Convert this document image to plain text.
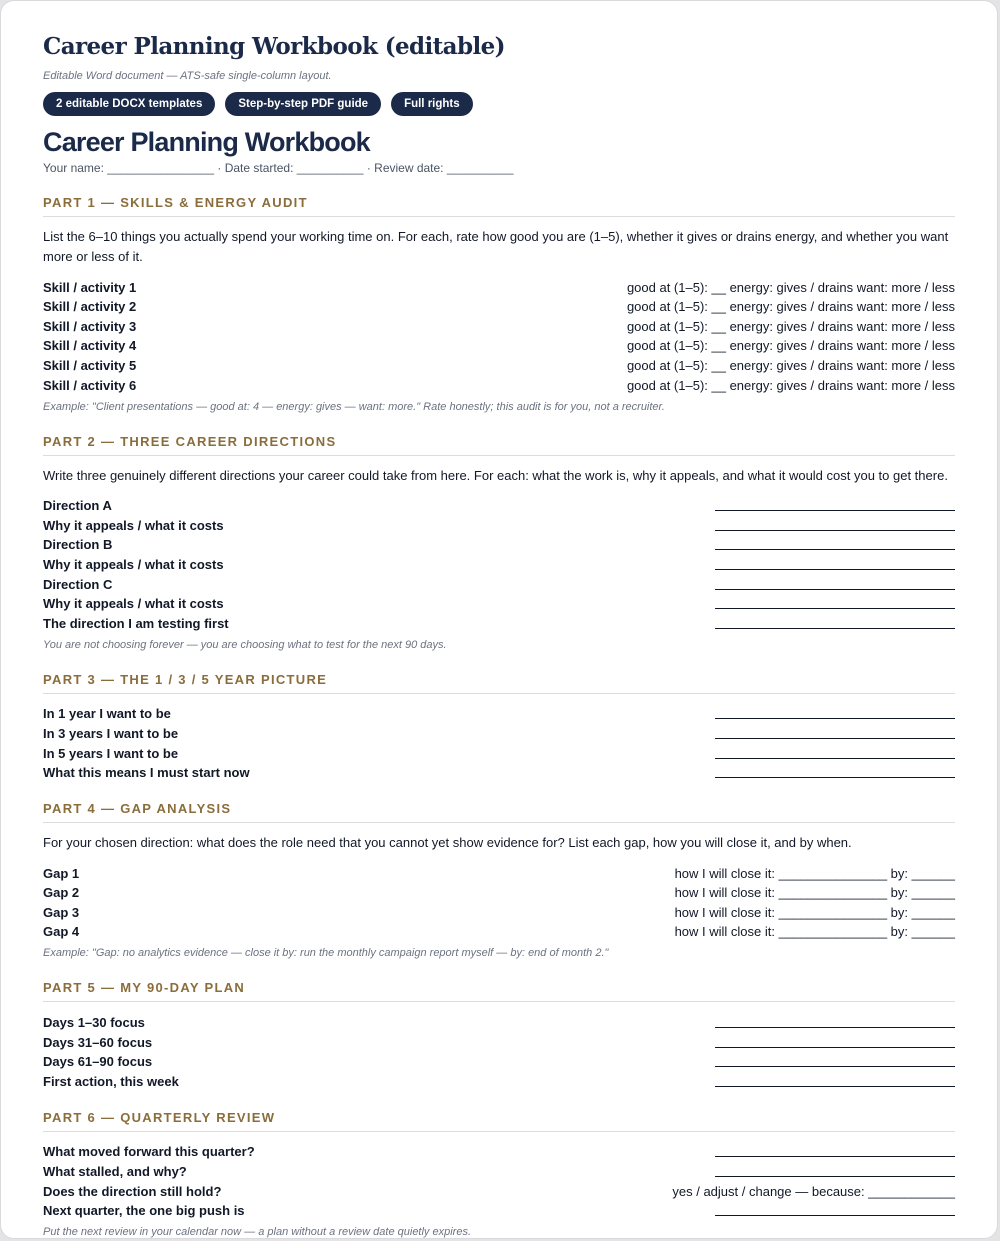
Career Planning Workbook (editable)
Editable Word document — ATS-safe single-column layout.
2 editable DOCX templates	Step-by-step PDF guide	Full rights
Career Planning Workbook
Your name: ________________ · Date started: __________ · Review date: __________
PART 1 — SKILLS & ENERGY AUDIT
List the 6–10 things you actually spend your working time on. For each, rate how good you are (1–5), whether it gives or drains energy, and whether you want more or less of it.
Skill / activity 1	good at (1–5): __ energy: gives / drains want: more / less
Skill / activity 2	good at (1–5): __ energy: gives / drains want: more / less
Skill / activity 3	good at (1–5): __ energy: gives / drains want: more / less
Skill / activity 4	good at (1–5): __ energy: gives / drains want: more / less
Skill / activity 5	good at (1–5): __ energy: gives / drains want: more / less
Skill / activity 6	good at (1–5): __ energy: gives / drains want: more / less
Example: "Client presentations — good at: 4 — energy: gives — want: more." Rate honestly; this audit is for you, not a recruiter.
PART 2 — THREE CAREER DIRECTIONS
Write three genuinely different directions your career could take from here. For each: what the work is, why it appeals, and what it would cost you to get there.
Direction A
Why it appeals / what it costs
Direction B
Why it appeals / what it costs
Direction C
Why it appeals / what it costs
The direction I am testing first
You are not choosing forever — you are choosing what to test for the next 90 days.
PART 3 — THE 1 / 3 / 5 YEAR PICTURE
In 1 year I want to be
In 3 years I want to be
In 5 years I want to be
What this means I must start now
PART 4 — GAP ANALYSIS
For your chosen direction: what does the role need that you cannot yet show evidence for? List each gap, how you will close it, and by when.
Gap 1	how I will close it: _______________ by: ______
Gap 2	how I will close it: _______________ by: ______
Gap 3	how I will close it: _______________ by: ______
Gap 4	how I will close it: _______________ by: ______
Example: "Gap: no analytics evidence — close it by: run the monthly campaign report myself — by: end of month 2."
PART 5 — MY 90-DAY PLAN
Days 1–30 focus
Days 31–60 focus
Days 61–90 focus
First action, this week
PART 6 — QUARTERLY REVIEW
What moved forward this quarter?
What stalled, and why?
Does the direction still hold?	yes / adjust / change — because: ____________
Next quarter, the one big push is
Put the next review in your calendar now — a plan without a review date quietly expires.
